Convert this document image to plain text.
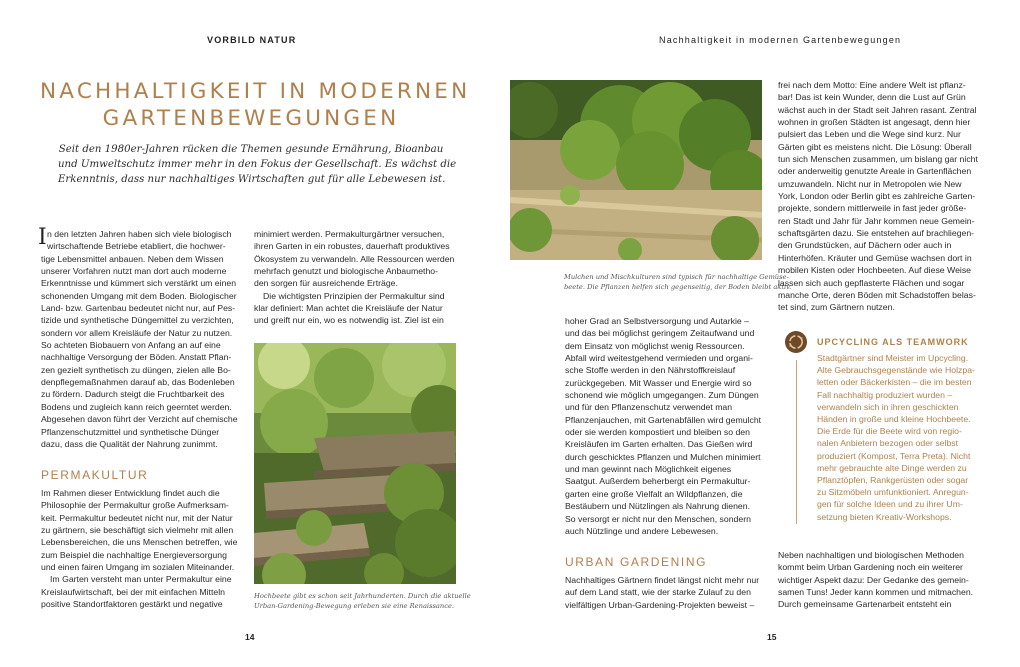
VORBILD NATUR
NACHHALTIGKEIT IN MODERNEN
GARTENBEWEGUNGEN
Seit den 1980er-Jahren rücken die Themen gesunde Ernährung, Bioanbau
und Umweltschutz immer mehr in den Fokus der Gesellschaft. Es wächst die
Erkenntnis, dass nur nachhaltiges Wirtschaften gut für alle Lebewesen ist.
I n den letzten Jahren haben sich viele biologisch
wirtschaftende Betriebe etabliert, die hochwer-
tige Lebensmittel anbauen. Neben dem Wissen
unserer Vorfahren nutzt man dort auch moderne
Erkenntnisse und kümmert sich verstärkt um einen
schonenden Umgang mit dem Boden. Biologischer
Land- bzw. Gartenbau bedeutet nicht nur, auf Pes-
tizide und synthetische Düngemittel zu verzichten,
sondern vor allem Kreisläufe der Natur zu nutzen.
So achteten Biobauern von Anfang an auf eine
nachhaltige Versorgung der Böden. Anstatt Pflan-
zen gezielt synthetisch zu düngen, zielen alle Bo-
denpflegemaßnahmen darauf ab, das Bodenleben
zu fördern. Dadurch steigt die Fruchtbarkeit des
Bodens und zugleich kann reich geerntet werden.
Abgesehen davon führt der Verzicht auf chemische
Pflanzenschutzmittel und synthetische Dünger
dazu, dass die Qualität der Nahrung zunimmt.
PERMAKULTUR
Im Rahmen dieser Entwicklung findet auch die
Philosophie der Permakultur große Aufmerksam-
keit. Permakultur bedeutet nicht nur, mit der Natur
zu gärtnern, sie beschäftigt sich vielmehr mit allen
Lebensbereichen, die uns Menschen betreffen, wie
zum Beispiel die nachhaltige Energieversorgung
und einen fairen Umgang im sozialen Miteinander.
Im Garten versteht man unter Permakultur eine
Kreislaufwirtschaft, bei der mit einfachen Mitteln
positive Standortfaktoren gestärkt und negative
minimiert werden. Permakulturgärtner versuchen,
ihren Garten in ein robustes, dauerhaft produktives
Ökosystem zu verwandeln. Alle Ressourcen werden
mehrfach genutzt und biologische Anbaumetho-
den sorgen für ausreichende Erträge.
Die wichtigsten Prinzipien der Permakultur sind
klar definiert: Man achtet die Kreisläufe der Natur
und greift nur ein, wo es notwendig ist. Ziel ist ein
Hochbeete gibt es schon seit Jahrhunderten. Durch die aktuelle
Urban-Gardening-Bewegung erleben sie eine Renaissance.
14
Nachhaltigkeit in modernen Gartenbewegungen
Mulchen und Mischkulturen sind typisch für nachhaltige Gemüse-
beete. Die Pflanzen helfen sich gegenseitig, der Boden bleibt aktiv.
hoher Grad an Selbstversorgung und Autarkie –
und das bei möglichst geringem Zeitaufwand und
dem Einsatz von möglichst wenig Ressourcen.
Abfall wird weitestgehend vermieden und organi-
sche Stoffe werden in den Nährstoffkreislauf
zurückgegeben. Mit Wasser und Energie wird so
schonend wie möglich umgegangen. Zum Düngen
und für den Pflanzenschutz verwendet man
Pflanzenjauchen, mit Gartenabfällen wird gemulcht
oder sie werden kompostiert und bleiben so den
Kreisläufen im Garten erhalten. Das Gießen wird
durch geschicktes Pflanzen und Mulchen minimiert
und man gewinnt nach Möglichkeit eigenes
Saatgut. Außerdem beherbergt ein Permakultur-
garten eine große Vielfalt an Wildpflanzen, die
Bestäubern und Nützlingen als Nahrung dienen.
So versorgt er nicht nur den Menschen, sondern
auch Nützlinge und andere Lebewesen.
URBAN GARDENING
Nachhaltiges Gärtnern findet längst nicht mehr nur
auf dem Land statt, wie der starke Zulauf zu den
vielfältigen Urban-Gardening-Projekten beweist –
frei nach dem Motto: Eine andere Welt ist pflanz-
bar! Das ist kein Wunder, denn die Lust auf Grün
wächst auch in der Stadt seit Jahren rasant. Zentral
wohnen in großen Städten ist angesagt, denn hier
pulsiert das Leben und die Wege sind kurz. Nur
Gärten gibt es meistens nicht. Die Lösung: Überall
tun sich Menschen zusammen, um bislang gar nicht
oder anderweitig genutzte Areale in Gartenflächen
umzuwandeln. Nicht nur in Metropolen wie New
York, London oder Berlin gibt es zahlreiche Garten-
projekte, sondern mittlerweile in fast jeder größe-
ren Stadt und Jahr für Jahr kommen neue Gemein-
schaftsgärten dazu. Sie entstehen auf brachliegen-
den Grundstücken, auf Dächern oder auch in
Hinterhöfen. Kräuter und Gemüse wachsen dort in
mobilen Kisten oder Hochbeeten. Auf diese Weise
lassen sich auch gepflasterte Flächen und sogar
manche Orte, deren Böden mit Schadstoffen belas-
tet sind, zum Gärtnern nutzen.
UPCYCLING ALS TEAMWORK
Stadtgärtner sind Meister im Upcycling.
Alte Gebrauchsgegenstände wie Holzpa-
letten oder Bäckerkisten – die im besten
Fall nachhaltig produziert wurden –
verwandeln sich in ihren geschickten
Händen in große und kleine Hochbeete.
Die Erde für die Beete wird von regio-
nalen Anbietern bezogen oder selbst
produziert (Kompost, Terra Preta). Nicht
mehr gebrauchte alte Dinge werden zu
Pflanztöpfen, Rankgerüsten oder sogar
zu Sitzmöbeln umfunktioniert. Anregun-
gen für solche Ideen und zu ihrer Um-
setzung bieten Kreativ-Workshops.
Neben nachhaltigen und biologischen Methoden
kommt beim Urban Gardening noch ein weiterer
wichtiger Aspekt dazu: Der Gedanke des gemein-
samen Tuns! Jeder kann kommen und mitmachen.
Durch gemeinsame Gartenarbeit entsteht ein
15
